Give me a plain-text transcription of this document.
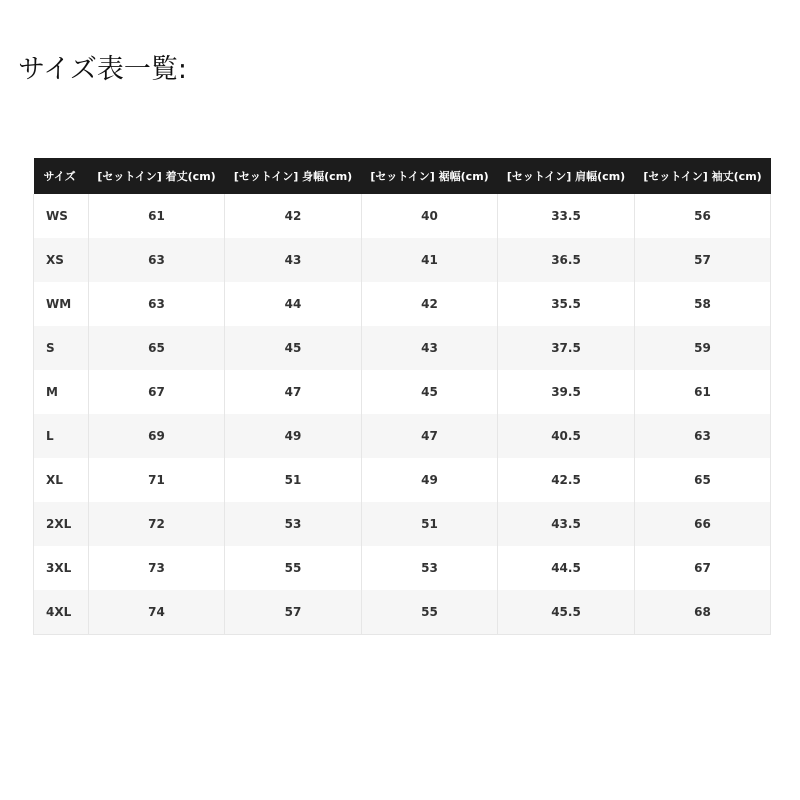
サイズ表一覧:
サイズ	[セットイン] 着丈(cm)	[セットイン] 身幅(cm)	[セットイン] 裾幅(cm)	[セットイン] 肩幅(cm)	[セットイン] 袖丈(cm)
WS	61	42	40	33.5	56
XS	63	43	41	36.5	57
WM	63	44	42	35.5	58
S	65	45	43	37.5	59
M	67	47	45	39.5	61
L	69	49	47	40.5	63
XL	71	51	49	42.5	65
2XL	72	53	51	43.5	66
3XL	73	55	53	44.5	67
4XL	74	57	55	45.5	68
